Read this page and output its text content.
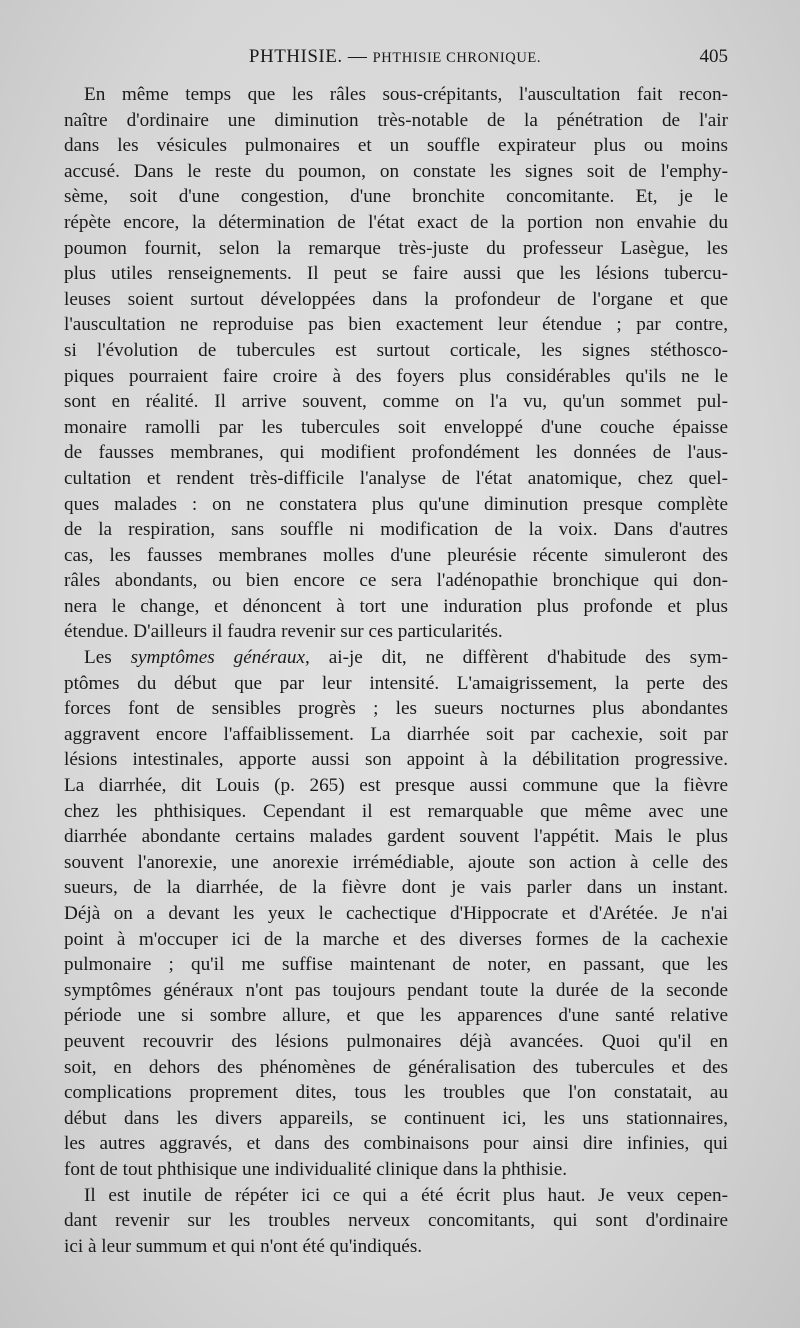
PHTHISIE. — PHTHISIE CHRONIQUE.	405
En même temps que les râles sous-crépitants, l'auscultation fait recon-
naître d'ordinaire une diminution très-notable de la pénétration de l'air
dans les vésicules pulmonaires et un souffle expirateur plus ou moins
accusé. Dans le reste du poumon, on constate les signes soit de l'emphy-
sème, soit d'une congestion, d'une bronchite concomitante. Et, je le
répète encore, la détermination de l'état exact de la portion non envahie du
poumon fournit, selon la remarque très-juste du professeur Lasègue, les
plus utiles renseignements. Il peut se faire aussi que les lésions tubercu-
leuses soient surtout développées dans la profondeur de l'organe et que
l'auscultation ne reproduise pas bien exactement leur étendue ; par contre,
si l'évolution de tubercules est surtout corticale, les signes stéthosco-
piques pourraient faire croire à des foyers plus considérables qu'ils ne le
sont en réalité. Il arrive souvent, comme on l'a vu, qu'un sommet pul-
monaire ramolli par les tubercules soit enveloppé d'une couche épaisse
de fausses membranes, qui modifient profondément les données de l'aus-
cultation et rendent très-difficile l'analyse de l'état anatomique, chez quel-
ques malades : on ne constatera plus qu'une diminution presque complète
de la respiration, sans souffle ni modification de la voix. Dans d'autres
cas, les fausses membranes molles d'une pleurésie récente simuleront des
râles abondants, ou bien encore ce sera l'adénopathie bronchique qui don-
nera le change, et dénoncent à tort une induration plus profonde et plus
étendue. D'ailleurs il faudra revenir sur ces particularités.
Les symptômes généraux, ai-je dit, ne diffèrent d'habitude des sym-
ptômes du début que par leur intensité. L'amaigrissement, la perte des
forces font de sensibles progrès ; les sueurs nocturnes plus abondantes
aggravent encore l'affaiblissement. La diarrhée soit par cachexie, soit par
lésions intestinales, apporte aussi son appoint à la débilitation progressive.
La diarrhée, dit Louis (p. 265) est presque aussi commune que la fièvre
chez les phthisiques. Cependant il est remarquable que même avec une
diarrhée abondante certains malades gardent souvent l'appétit. Mais le plus
souvent l'anorexie, une anorexie irrémédiable, ajoute son action à celle des
sueurs, de la diarrhée, de la fièvre dont je vais parler dans un instant.
Déjà on a devant les yeux le cachectique d'Hippocrate et d'Arétée. Je n'ai
point à m'occuper ici de la marche et des diverses formes de la cachexie
pulmonaire ; qu'il me suffise maintenant de noter, en passant, que les
symptômes généraux n'ont pas toujours pendant toute la durée de la seconde
période une si sombre allure, et que les apparences d'une santé relative
peuvent recouvrir des lésions pulmonaires déjà avancées. Quoi qu'il en
soit, en dehors des phénomènes de généralisation des tubercules et des
complications proprement dites, tous les troubles que l'on constatait, au
début dans les divers appareils, se continuent ici, les uns stationnaires,
les autres aggravés, et dans des combinaisons pour ainsi dire infinies, qui
font de tout phthisique une individualité clinique dans la phthisie.
Il est inutile de répéter ici ce qui a été écrit plus haut. Je veux cepen-
dant revenir sur les troubles nerveux concomitants, qui sont d'ordinaire
ici à leur summum et qui n'ont été qu'indiqués.
